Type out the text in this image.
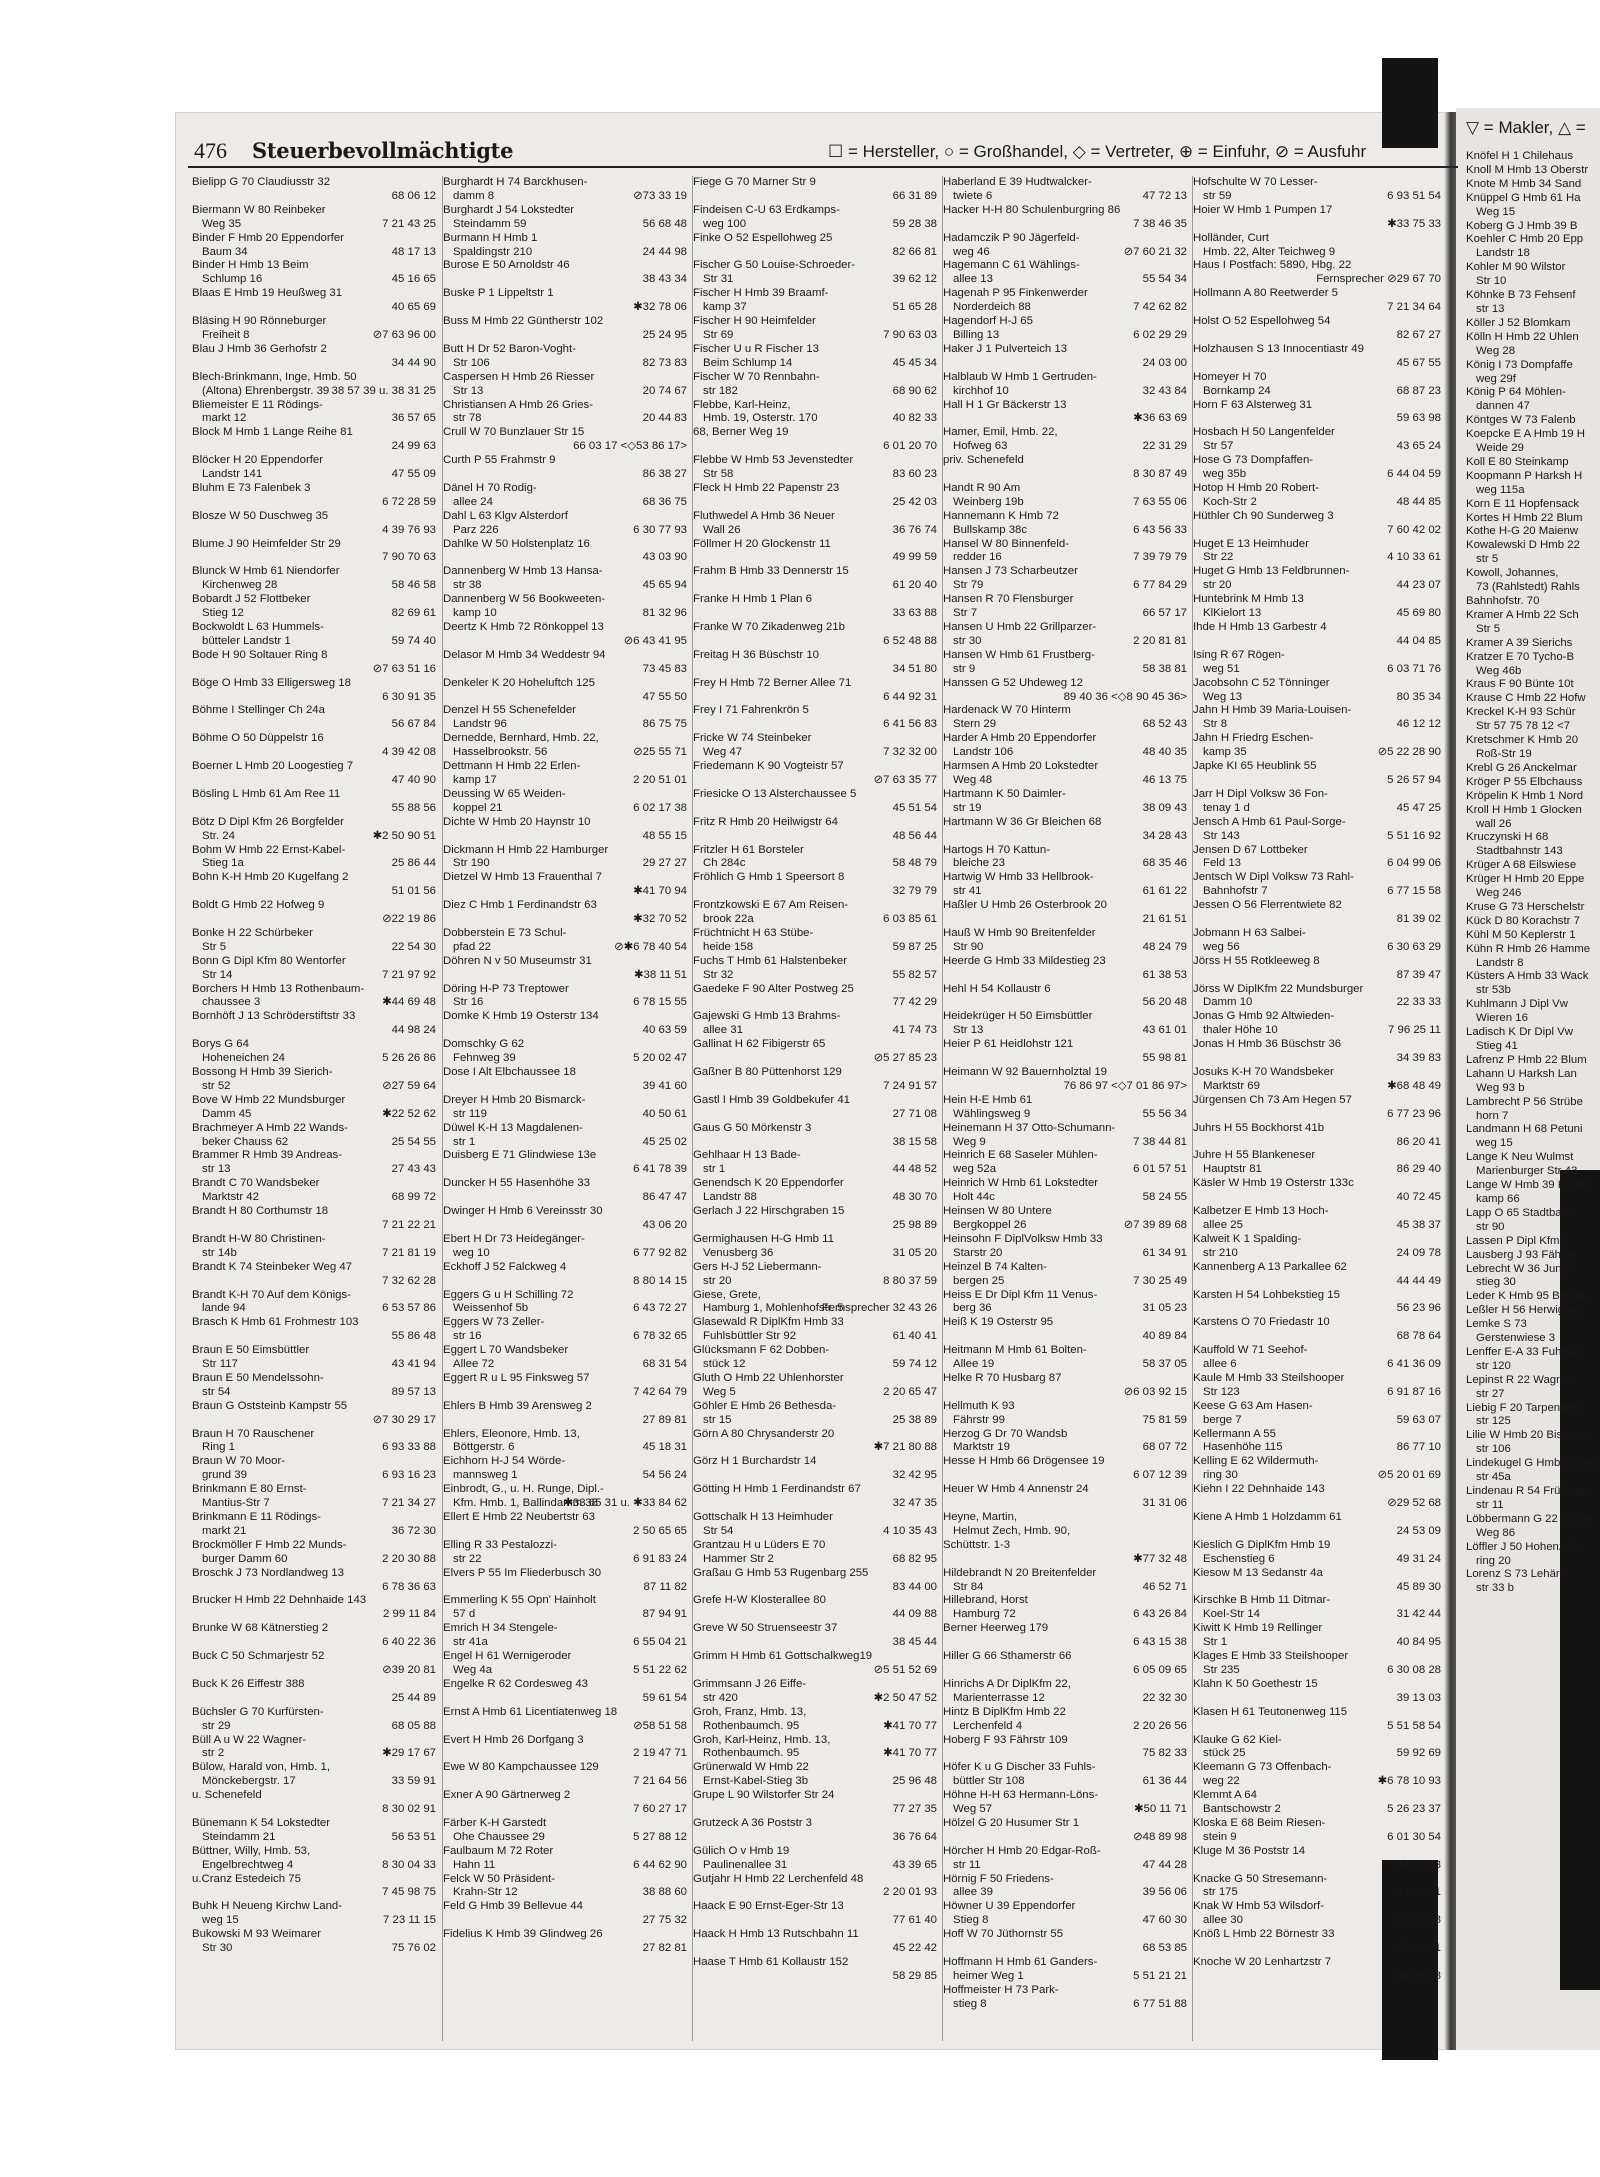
476 Steuerbevollmächtigte	☐ = Hersteller, ○ = Großhandel, ◇ = Vertreter, ⊕ = Einfuhr, ⊘ = Ausfuhr
▽ = Makler, △ =
Bielipp G 70 Claudiusstr 32
68 06 12

Biermann W 80 Reinbeker
7 21 43 25
Weg 35
Binder F Hmb 20 Eppendorfer
48 17 13
Baum 34
Binder H Hmb 13 Beim
45 16 65
Schlump 16
Blaas E Hmb 19 Heußweg 31
40 65 69

Bläsing H 90 Rönneburger
⊘7 63 96 00
Freiheit 8
Blau J Hmb 36 Gerhofstr 2
34 44 90

Blech-Brinkmann, Inge, Hmb. 50
38 57 39 u. 38 31 25
(Altona) Ehrenbergstr. 39
Bliemeister E 11 Rödings-
36 57 65
markt 12
Block M Hmb 1 Lange Reihe 81
24 99 63

Blöcker H 20 Eppendorfer
47 55 09
Landstr 141
Bluhm E 73 Falenbek 3
6 72 28 59

Blosze W 50 Duschweg 35
4 39 76 93

Blume J 90 Heimfelder Str 29
7 90 70 63

Blunck W Hmb 61 Niendorfer
58 46 58
Kirchenweg 28
Bobardt J 52 Flottbeker
82 69 61
Stieg 12
Bockwoldt L 63 Hummels-
59 74 40
bütteler Landstr 1
Bode H 90 Soltauer Ring 8
⊘7 63 51 16

Böge O Hmb 33 Elligersweg 18
6 30 91 35

Böhme I Stellinger Ch 24a
56 67 84

Böhme O 50 Düppelstr 16
4 39 42 08

Boerner L Hmb 20 Loogestieg 7
47 40 90

Bösling L Hmb 61 Am Ree 11
55 88 56

Bötz D Dipl Kfm 26 Borgfelder
✱2 50 90 51
Str. 24
Bohm W Hmb 22 Ernst-Kabel-
25 86 44
Stieg 1a
Bohn K-H Hmb 20 Kugelfang 2
51 01 56

Boldt G Hmb 22 Hofweg 9
⊘22 19 86

Bonke H 22 Schürbeker
22 54 30
Str 5
Bonn G Dipl Kfm 80 Wentorfer
7 21 97 92
Str 14
Borchers H Hmb 13 Rothenbaum-
✱44 69 48
chaussee 3
Bornhöft J 13 Schröderstiftstr 33
44 98 24

Borys G 64
5 26 26 86
Hoheneichen 24
Bossong H Hmb 39 Sierich-
⊘27 59 64
str 52
Bove W Hmb 22 Mundsburger
✱22 52 62
Damm 45
Brachmeyer A Hmb 22 Wands-
25 54 55
beker Chauss 62
Brammer R Hmb 39 Andreas-
27 43 43
str 13
Brandt C 70 Wandsbeker
68 99 72
Marktstr 42
Brandt H 80 Corthumstr 18
7 21 22 21

Brandt H-W 80 Christinen-
7 21 81 19
str 14b
Brandt K 74 Steinbeker Weg 47
7 32 62 28

Brandt K-H 70 Auf dem Königs-
6 53 57 86
lande 94
Brasch K Hmb 61 Frohmestr 103
55 86 48

Braun E 50 Eimsbüttler
43 41 94
Str 117
Braun E 50 Mendelssohn-
89 57 13
str 54
Braun G Oststeinb Kampstr 55
⊘7 30 29 17

Braun H 70 Rauschener
6 93 33 88
Ring 1
Braun W 70 Moor-
6 93 16 23
grund 39
Brinkmann E 80 Ernst-
7 21 34 27
Mantius-Str 7
Brinkmann E 11 Rödings-
36 72 30
markt 21
Brockmöller F Hmb 22 Munds-
2 20 30 88
burger Damm 60
Broschk J 73 Nordlandweg 13
6 78 36 63

Brucker H Hmb 22 Dehnhaide 143
2 99 11 84

Brunke W 68 Kätnerstieg 2
6 40 22 36

Buck C 50 Schmarjestr 52
⊘39 20 81

Buck K 26 Eiffestr 388
25 44 89

Büchsler G 70 Kurfürsten-
68 05 88
str 29
Büll A u W 22 Wagner-
✱29 17 67
str 2
Bülow, Harald von, Hmb. 1,
33 59 91
Mönckebergstr. 17
u. Schenefeld
8 30 02 91

Bünemann K 54 Lokstedter
56 53 51
Steindamm 21
Büttner, Willy, Hmb. 53,
8 30 04 33
Engelbrechtweg 4
u.Cranz Estedeich 75
7 45 98 75

Buhk H Neueng Kirchw Land-
7 23 11 15
weg 15
Bukowski M 93 Weimarer
75 76 02
Str 30
Burghardt H 74 Barckhusen-
⊘73 33 19
damm 8
Burghardt J 54 Lokstedter
56 68 48
Steindamm 59
Burmann H Hmb 1
24 44 98
Spaldingstr 210
Burose E 50 Arnoldstr 46
38 43 34

Buske P 1 Lippeltstr 1
✱32 78 06

Buss M Hmb 22 Güntherstr 102
25 24 95

Butt H Dr 52 Baron-Voght-
82 73 83
Str 106
Caspersen H Hmb 26 Riesser
20 74 67
Str 13
Christiansen A Hmb 26 Gries-
20 44 83
str 78
Crull W 70 Bunzlauer Str 15
66 03 17 <◇53 86 17>

Curth P 55 Frahmstr 9
86 38 27

Dänel H 70 Rodig-
68 36 75
allee 24
Dahl L 63 Klgv Alsterdorf
6 30 77 93
Parz 226
Dahlke W 50 Holstenplatz 16
43 03 90

Dannenberg W Hmb 13 Hansa-
45 65 94
str 38
Dannenberg W 56 Bookweeten-
81 32 96
kamp 10
Deertz K Hmb 72 Rönkoppel 13
⊘6 43 41 95

Delasor M Hmb 34 Weddestr 94
73 45 83

Denkeler K 20 Hoheluftch 125
47 55 50

Denzel H 55 Schenefelder
86 75 75
Landstr 96
Dernedde, Bernhard, Hmb. 22,
⊘25 55 71
Hasselbrookstr. 56
Dettmann H Hmb 22 Erlen-
2 20 51 01
kamp 17
Deussing W 65 Weiden-
6 02 17 38
koppel 21
Dichte W Hmb 20 Haynstr 10
48 55 15

Dickmann H Hmb 22 Hamburger
29 27 27
Str 190
Dietzel W Hmb 13 Frauenthal 7
✱41 70 94

Diez C Hmb 1 Ferdinandstr 63
✱32 70 52

Dobberstein E 73 Schul-
⊘✱6 78 40 54
pfad 22
Döhren N v 50 Museumstr 31
✱38 11 51

Döring H-P 73 Treptower
6 78 15 55
Str 16
Domke K Hmb 19 Osterstr 134
40 63 59

Domschky G 62
5 20 02 47
Fehnweg 39
Dose I Alt Elbchaussee 18
39 41 60

Dreyer H Hmb 20 Bismarck-
40 50 61
str 119
Düwel K-H 13 Magdalenen-
45 25 02
str 1
Duisberg E 71 Glindwiese 13e
6 41 78 39

Duncker H 55 Hasenhöhe 33
86 47 47

Dwinger H Hmb 6 Vereinsstr 30
43 06 20

Ebert H Dr 73 Heidegänger-
6 77 92 82
weg 10
Eckhoff J 52 Falckweg 4
8 80 14 15

Eggers G u H Schilling 72
6 43 72 27
Weissenhof 5b
Eggers W 73 Zeller-
6 78 32 65
str 16
Eggert L 70 Wandsbeker
68 31 54
Allee 72
Eggert R u L 95 Finksweg 57
7 42 64 79

Ehlers B Hmb 39 Arensweg 2
27 89 81

Ehlers, Eleonore, Hmb. 13,
45 18 31
Böttgerstr. 6
Eichhorn H-J 54 Wörde-
54 56 24
mannsweg 1
Einbrodt, G., u. H. Runge, Dipl.-
✱33 65 31 u. ✱33 84 62
Kfm. Hmb. 1, Ballindamm 38
Ellert E Hmb 22 Neubertstr 63
2 50 65 65

Elling R 33 Pestalozzi-
6 91 83 24
str 22
Elvers P 55 Im Fliederbusch 30
87 11 82

Emmerling K 55 Opn' Hainholt
87 94 91
57 d
Emrich H 34 Stengele-
6 55 04 21
str 41a
Engel H 61 Wernigeroder
5 51 22 62
Weg 4a
Engelke R 62 Cordesweg 43
59 61 54

Ernst A Hmb 61 Licentiatenweg 18
⊘58 51 58

Evert H Hmb 26 Dorfgang 3
2 19 47 71

Ewe W 80 Kampchaussee 129
7 21 64 56

Exner A 90 Gärtnerweg 2
7 60 27 17

Färber K-H Garstedt
5 27 88 12
Ohe Chaussee 29
Faulbaum M 72 Roter
6 44 62 90
Hahn 11
Felck W 50 Präsident-
38 88 60
Krahn-Str 12
Feld G Hmb 39 Bellevue 44
27 75 32

Fidelius K Hmb 39 Glindweg 26
27 82 81

Fiege G 70 Marner Str 9
66 31 89

Findeisen C-U 63 Erdkamps-
59 28 38
weg 100
Finke O 52 Espellohweg 25
82 66 81

Fischer G 50 Louise-Schroeder-
39 62 12
Str 31
Fischer H Hmb 39 Braamf-
51 65 28
kamp 37
Fischer H 90 Heimfelder
7 90 63 03
Str 69
Fischer U u R Fischer 13
45 45 34
Beim Schlump 14
Fischer W 70 Rennbahn-
68 90 62
str 182
Flebbe, Karl-Heinz,
40 82 33
Hmb. 19, Osterstr. 170
68, Berner Weg 19
6 01 20 70

Flebbe W Hmb 53 Jevenstedter
83 60 23
Str 58
Fleck H Hmb 22 Papenstr 23
25 42 03

Fluthwedel A Hmb 36 Neuer
36 76 74
Wall 26
Föllmer H 20 Glockenstr 11
49 99 59

Frahm B Hmb 33 Dennerstr 15
61 20 40

Franke H Hmb 1 Plan 6
33 63 88

Franke W 70 Zikadenweg 21b
6 52 48 88

Freitag H 36 Büschstr 10
34 51 80

Frey H Hmb 72 Berner Allee 71
6 44 92 31

Frey I 71 Fahrenkrön 5
6 41 56 83

Fricke W 74 Steinbeker
7 32 32 00
Weg 47
Friedemann K 90 Vogteistr 57
⊘7 63 35 77

Friesicke O 13 Alsterchaussee 5
45 51 54

Fritz R Hmb 20 Heilwigstr 64
48 56 44

Fritzler H 61 Borsteler
58 48 79
Ch 284c
Fröhlich G Hmb 1 Speersort 8
32 79 79

Frontzkowski E 67 Am Reisen-
6 03 85 61
brook 22a
Früchtnicht H 63 Stübe-
59 87 25
heide 158
Fuchs T Hmb 61 Halstenbeker
55 82 57
Str 32
Gaedeke F 90 Alter Postweg 25
77 42 29

Gajewski G Hmb 13 Brahms-
41 74 73
allee 31
Gallinat H 62 Fibigerstr 65
⊘5 27 85 23

Gaßner B 80 Püttenhorst 129
7 24 91 57

Gastl I Hmb 39 Goldbekufer 41
27 71 08

Gaus G 50 Mörkenstr 3
38 15 58

Gehlhaar H 13 Bade-
44 48 52
str 1
Genendsch K 20 Eppendorfer
48 30 70
Landstr 88
Gerlach J 22 Hirschgraben 15
25 98 89

Germighausen H-G Hmb 11
31 05 20
Venusberg 36
Gers H-J 52 Liebermann-
8 80 37 59
str 20
Giese, Grete,
Fernsprecher 32 43 26
Hamburg 1, Mohlenhofstr. 5
Glasewald R DiplKfm Hmb 33
61 40 41
Fuhlsbüttler Str 92
Glücksmann F 62 Dobben-
59 74 12
stück 12
Gluth O Hmb 22 Uhlenhorster
2 20 65 47
Weg 5
Göhler E Hmb 26 Bethesda-
25 38 89
str 15
Görn A 80 Chrysanderstr 20
✱7 21 80 88

Görz H 1 Burchardstr 14
32 42 95

Götting H Hmb 1 Ferdinandstr 67
32 47 35

Gottschalk H 13 Heimhuder
4 10 35 43
Str 54
Grantzau H u Lüders E 70
68 82 95
Hammer Str 2
Graßau G Hmb 53 Rugenbarg 255
83 44 00

Grefe H-W Klosterallee 80
44 09 88

Greve W 50 Struenseestr 37
38 45 44

Grimm H Hmb 61 Gottschalkweg19
⊘5 51 52 69

Grimmsann J 26 Eiffe-
✱2 50 47 52
str 420
Groh, Franz, Hmb. 13,
✱41 70 77
Rothenbaumch. 95
Groh, Karl-Heinz, Hmb. 13,
✱41 70 77
Rothenbaumch. 95
Grünerwald W Hmb 22
25 96 48
Ernst-Kabel-Stieg 3b
Grupe L 90 Wilstorfer Str 24
77 27 35

Grutzeck A 36 Poststr 3
36 76 64

Gülich O v Hmb 19
43 39 65
Paulinenallee 31
Gutjahr H Hmb 22 Lerchenfeld 48
2 20 01 93

Haack E 90 Ernst-Eger-Str 13
77 61 40

Haack H Hmb 13 Rutschbahn 11
45 22 42

Haase T Hmb 61 Kollaustr 152
58 29 85

Haberland E 39 Hudtwalcker-
47 72 13
twiete 6
Hacker H-H 80 Schulenburgring 86
7 38 46 35

Hadamczik P 90 Jägerfeld-
⊘7 60 21 32
weg 46
Hagemann C 61 Wählings-
55 54 34
allee 13
Hagenah P 95 Finkenwerder
7 42 62 82
Norderdeich 88
Hagendorf H-J 65
6 02 29 29
Billing 13
Haker J 1 Pulverteich 13
24 03 00

Halblaub W Hmb 1 Gertruden-
32 43 84
kirchhof 10
Hall H 1 Gr Bäckerstr 13
✱36 63 69

Hamer, Emil, Hmb. 22,
22 31 29
Hofweg 63
priv. Schenefeld
8 30 87 49

Handt R 90 Am
7 63 55 06
Weinberg 19b
Hannemann K Hmb 72
6 43 56 33
Bullskamp 38c
Hansel W 80 Binnenfeld-
7 39 79 79
redder 16
Hansen J 73 Scharbeutzer
6 77 84 29
Str 79
Hansen R 70 Flensburger
66 57 17
Str 7
Hansen U Hmb 22 Grillparzer-
2 20 81 81
str 30
Hansen W Hmb 61 Frustberg-
58 38 81
str 9
Hanssen G 52 Uhdeweg 12
89 40 36 <◇8 90 45 36>

Hardenack W 70 Hinterm
68 52 43
Stern 29
Harder A Hmb 20 Eppendorfer
48 40 35
Landstr 106
Harmsen A Hmb 20 Lokstedter
46 13 75
Weg 48
Hartmann K 50 Daimler-
38 09 43
str 19
Hartmann W 36 Gr Bleichen 68
34 28 43

Hartogs H 70 Kattun-
68 35 46
bleiche 23
Hartwig W Hmb 33 Hellbrook-
61 61 22
str 41
Haßler U Hmb 26 Osterbrook 20
21 61 51

Hauß W Hmb 90 Breitenfelder
48 24 79
Str 90
Heerde G Hmb 33 Mildestieg 23
61 38 53

Hehl H 54 Kollaustr 6
56 20 48

Heidekrüger H 50 Eimsbüttler
43 61 01
Str 13
Heier P 61 Heidlohstr 121
55 98 81

Heimann W 92 Bauernholztal 19
76 86 97 <◇7 01 86 97>

Hein H-E Hmb 61
55 56 34
Wählingsweg 9
Heinemann H 37 Otto-Schumann-
7 38 44 81
Weg 9
Heinrich E 68 Saseler Mühlen-
6 01 57 51
weg 52a
Heinrich W Hmb 61 Lokstedter
58 24 55
Holt 44c
Heinsen W 80 Untere
⊘7 39 89 68
Bergkoppel 26
Heinsohn F DiplVolksw Hmb 33
61 34 91
Starstr 20
Heinzel B 74 Kalten-
7 30 25 49
bergen 25
Heiss E Dr Dipl Kfm 11 Venus-
31 05 23
berg 36
Heiß K 19 Osterstr 95
40 89 84

Heitmann M Hmb 61 Bolten-
58 37 05
Allee 19
Helke R 70 Husbarg 87
⊘6 03 92 15

Hellmuth K 93
75 81 59
Fährstr 99
Herzog G Dr 70 Wandsb
68 07 72
Marktstr 19
Hesse H Hmb 66 Drögensee 19
6 07 12 39

Heuer W Hmb 4 Annenstr 24
31 31 06

Heyne, Martin,
Helmut Zech, Hmb. 90,
Schüttstr. 1-3
✱77 32 48

Hildebrandt N 20 Breitenfelder
46 52 71
Str 84
Hillebrand, Horst
6 43 26 84
Hamburg 72
Berner Heerweg 179
6 43 15 38

Hiller G 66 Sthamerstr 66
6 05 09 65

Hinrichs A Dr DiplKfm 22,
22 32 30
Marienterrasse 12
Hintz B DiplKfm Hmb 22
2 20 26 56
Lerchenfeld 4
Hoberg F 93 Fährstr 109
75 82 33

Höfer K u G Discher 33 Fuhls-
61 36 44
büttler Str 108
Höhne H-H 63 Hermann-Löns-
✱50 11 71
Weg 57
Hölzel G 20 Husumer Str 1
⊘48 89 98

Hörcher H Hmb 20 Edgar-Roß-
47 44 28
str 11
Hörnig F 50 Friedens-
39 56 06
allee 39
Höwner U 39 Eppendorfer
47 60 30
Stieg 8
Hoff W 70 Jüthornstr 55
68 53 85

Hoffmann H Hmb 61 Ganders-
5 51 21 21
heimer Weg 1
Hoffmeister H 73 Park-
6 77 51 88
stieg 8
Hofschulte W 70 Lesser-
6 93 51 54
str 59
Hoier W Hmb 1 Pumpen 17
✱33 75 33

Holländer, Curt
Hmb. 22, Alter Teichweg 9
Haus I Postfach: 5890, Hbg. 22
Fernsprecher ⊘29 67 70

Hollmann A 80 Reetwerder 5
7 21 34 64

Holst O 52 Espellohweg 54
82 67 27

Holzhausen S 13 Innocentiastr 49
45 67 55

Homeyer H 70
68 87 23
Bornkamp 24
Horn F 63 Alsterweg 31
59 63 98

Hosbach H 50 Langenfelder
43 65 24
Str 57
Hose G 73 Dompfaffen-
6 44 04 59
weg 35b
Hotop H Hmb 20 Robert-
48 44 85
Koch-Str 2
Hüthler Ch 90 Sunderweg 3
7 60 42 02

Huget E 13 Heimhuder
4 10 33 61
Str 22
Huget G Hmb 13 Feldbrunnen-
44 23 07
str 20
Huntebrink M Hmb 13
45 69 80
KlKielort 13
Ihde H Hmb 13 Garbestr 4
44 04 85

Ising R 67 Rögen-
6 03 71 76
weg 51
Jacobsohn C 52 Tönninger
80 35 34
Weg 13
Jahn H Hmb 39 Maria-Louisen-
46 12 12
Str 8
Jahn H Friedrg Eschen-
⊘5 22 28 90
kamp 35
Japke KI 65 Heublink 55
5 26 57 94

Jarr H Dipl Volksw 36 Fon-
45 47 25
tenay 1 d
Jensch A Hmb 61 Paul-Sorge-
5 51 16 92
Str 143
Jensen D 67 Lottbeker
6 04 99 06
Feld 13
Jentsch W Dipl Volksw 73 Rahl-
6 77 15 58
Bahnhofstr 7
Jessen O 56 Flerrentwiete 82
81 39 02

Jobmann H 63 Salbei-
6 30 63 29
weg 56
Jörss H 55 Rotkleeweg 8
87 39 47

Jörss W DiplKfm 22 Mundsburger
22 33 33
Damm 10
Jonas G Hmb 92 Altwieden-
7 96 25 11
thaler Höhe 10
Jonas H Hmb 36 Büschstr 36
34 39 83

Josuks K-H 70 Wandsbeker
✱68 48 49
Marktstr 69
Jürgensen Ch 73 Am Hegen 57
6 77 23 96

Juhrs H 55 Bockhorst 41b
86 20 41

Juhre H 55 Blankeneser
86 29 40
Hauptstr 81
Käsler W Hmb 19 Osterstr 133c
40 72 45

Kalbetzer E Hmb 13 Hoch-
45 38 37
allee 25
Kalweit K 1 Spalding-
24 09 78
str 210
Kannenberg A 13 Parkallee 62
44 44 49

Karsten H 54 Lohbekstieg 15
56 23 96

Karstens O 70 Friedastr 10
68 78 64

Kauffold W 71 Seehof-
6 41 36 09
allee 6
Kaule M Hmb 33 Steilshooper
6 91 87 16
Str 123
Keese G 63 Am Hasen-
59 63 07
berge 7
Kellermann A 55
86 77 10
Hasenhöhe 115
Kelling E 62 Wildermuth-
⊘5 20 01 69
ring 30
Kiehn I 22 Dehnhaide 143
⊘29 52 68

Kiene A Hmb 1 Holzdamm 61
24 53 09

Kieslich G DiplKfm Hmb 19
49 31 24
Eschenstieg 6
Kiesow M 13 Sedanstr 4a
45 89 30

Kirschke B Hmb 11 Ditmar-
31 42 44
Koel-Str 14
Kiwitt K Hmb 19 Rellinger
40 84 95
Str 1
Klages E Hmb 33 Steilshooper
6 30 08 28
Str 235
Klahn K 50 Goethestr 15
39 13 03

Klasen H 61 Teutonenweg 115
5 51 58 54

Klauke G 62 Kiel-
59 92 69
stück 25
Kleemann G 73 Offenbach-
✱6 78 10 93
weg 22
Klemmt A 64
5 26 23 37
Bantschowstr 2
Kloska E 68 Beim Riesen-
6 01 30 54
stein 9
Kluge M 36 Poststr 14
34 31 53

Knacke G 50 Stresemann-
43 59 61
str 175
Knak W Hmb 53 Wilsdorf-
83 65 98
allee 30
Knöß L Hmb 22 Börnestr 33
25 36 81

Knoche W 20 Lenhartzstr 7
46 58 68

Knöfel H 1 Chilehaus
Knoll M Hmb 13 Oberstr
Knote M Hmb 34 Sand
Knüppel G Hmb 61 Ha
Weg 15
Koberg G J Hmb 39 B
Koehler C Hmb 20 Epp
Landstr 18
Kohler M 90 Wilstor
Str 10
Köhnke B 73 Fehsenf
str 13
Köller J 52 Blomkam
Kölln H Hmb 22 Uhlen
Weg 28
König I 73 Dompfaffe
weg 29f
König P 64 Möhlen-
dannen 47
Köntges W 73 Falenb
Koepcke E A Hmb 19 H
Weide 29
Koll E 80 Steinkamp
Koopmann P Harksh H
weg 115a
Korn E 11 Hopfensack
Kortes H Hmb 22 Blum
Kothe H-G 20 Maienw
Kowalewski D Hmb 22
str 5
Kowoll, Johannes,
73 (Rahlstedt) Rahls
Bahnhofstr. 70
Kramer A Hmb 22 Sch
Str 5
Kramer A 39 Sierichs
Kratzer E 70 Tycho-B
Weg 46b
Kraus F 90 Bünte 10t
Krause C Hmb 22 Hofw
Kreckel K-H 93 Schür
Str 57 75 78 12 <7
Kretschmer K Hmb 20
Roß-Str 19
Krebl G 26 Anckelmar
Kröger P 55 Elbchauss
Kröpelin K Hmb 1 Nord
Kroll H Hmb 1 Glocken
wall 26
Kruczynski H 68
Stadtbahnstr 143
Krüger A 68 Eilswiese
Krüger H Hmb 20 Eppe
Weg 246
Kruse G 73 Herschelstr
Kück D 80 Korachstr 7
Kühl M 50 Keplerstr 1
Kühn R Hmb 26 Hamme
Landstr 8
Küsters A Hmb 33 Wack
str 53b
Kuhlmann J Dipl Vw
Wieren 16
Ladisch K Dr Dipl Vw
Stieg 41
Lafrenz P Hmb 22 Blum
Lahann U Harksh Lan
Weg 93 b
Lambrecht P 56 Strübe
horn 7
Landmann H 68 Petuni
weg 15
Lange K Neu Wulmst
Marienburger Str 43
Lange W Hmb 39 Krohn
kamp 66
Lapp O 65 Stadtbahn-
str 90
Lassen P Dipl Kfm 1
Lausberg J 93 Fährstr
Lebrecht W 36 Jungfe
stieg 30
Leder K Hmb 95 Benitts
Leßler H 56 Herwigred
Lemke S 73
Gerstenwiese 3
Lenffer E-A 33 Fuhlsbü
str 120
Lepinst R 22 Wagner-
str 27
Liebig F 20 Tarpenbek-
str 125
Lilie W Hmb 20 Bismarc
str 106
Lindekugel G Hmb 20 Mo
str 45a
Lindenau R 54 Frühling-
str 11
Löbbermann G 22 Winte
Weg 86
Löffler J 50 Hohenzolle
ring 20
Lorenz S 73 Lehär-
str 33 b
